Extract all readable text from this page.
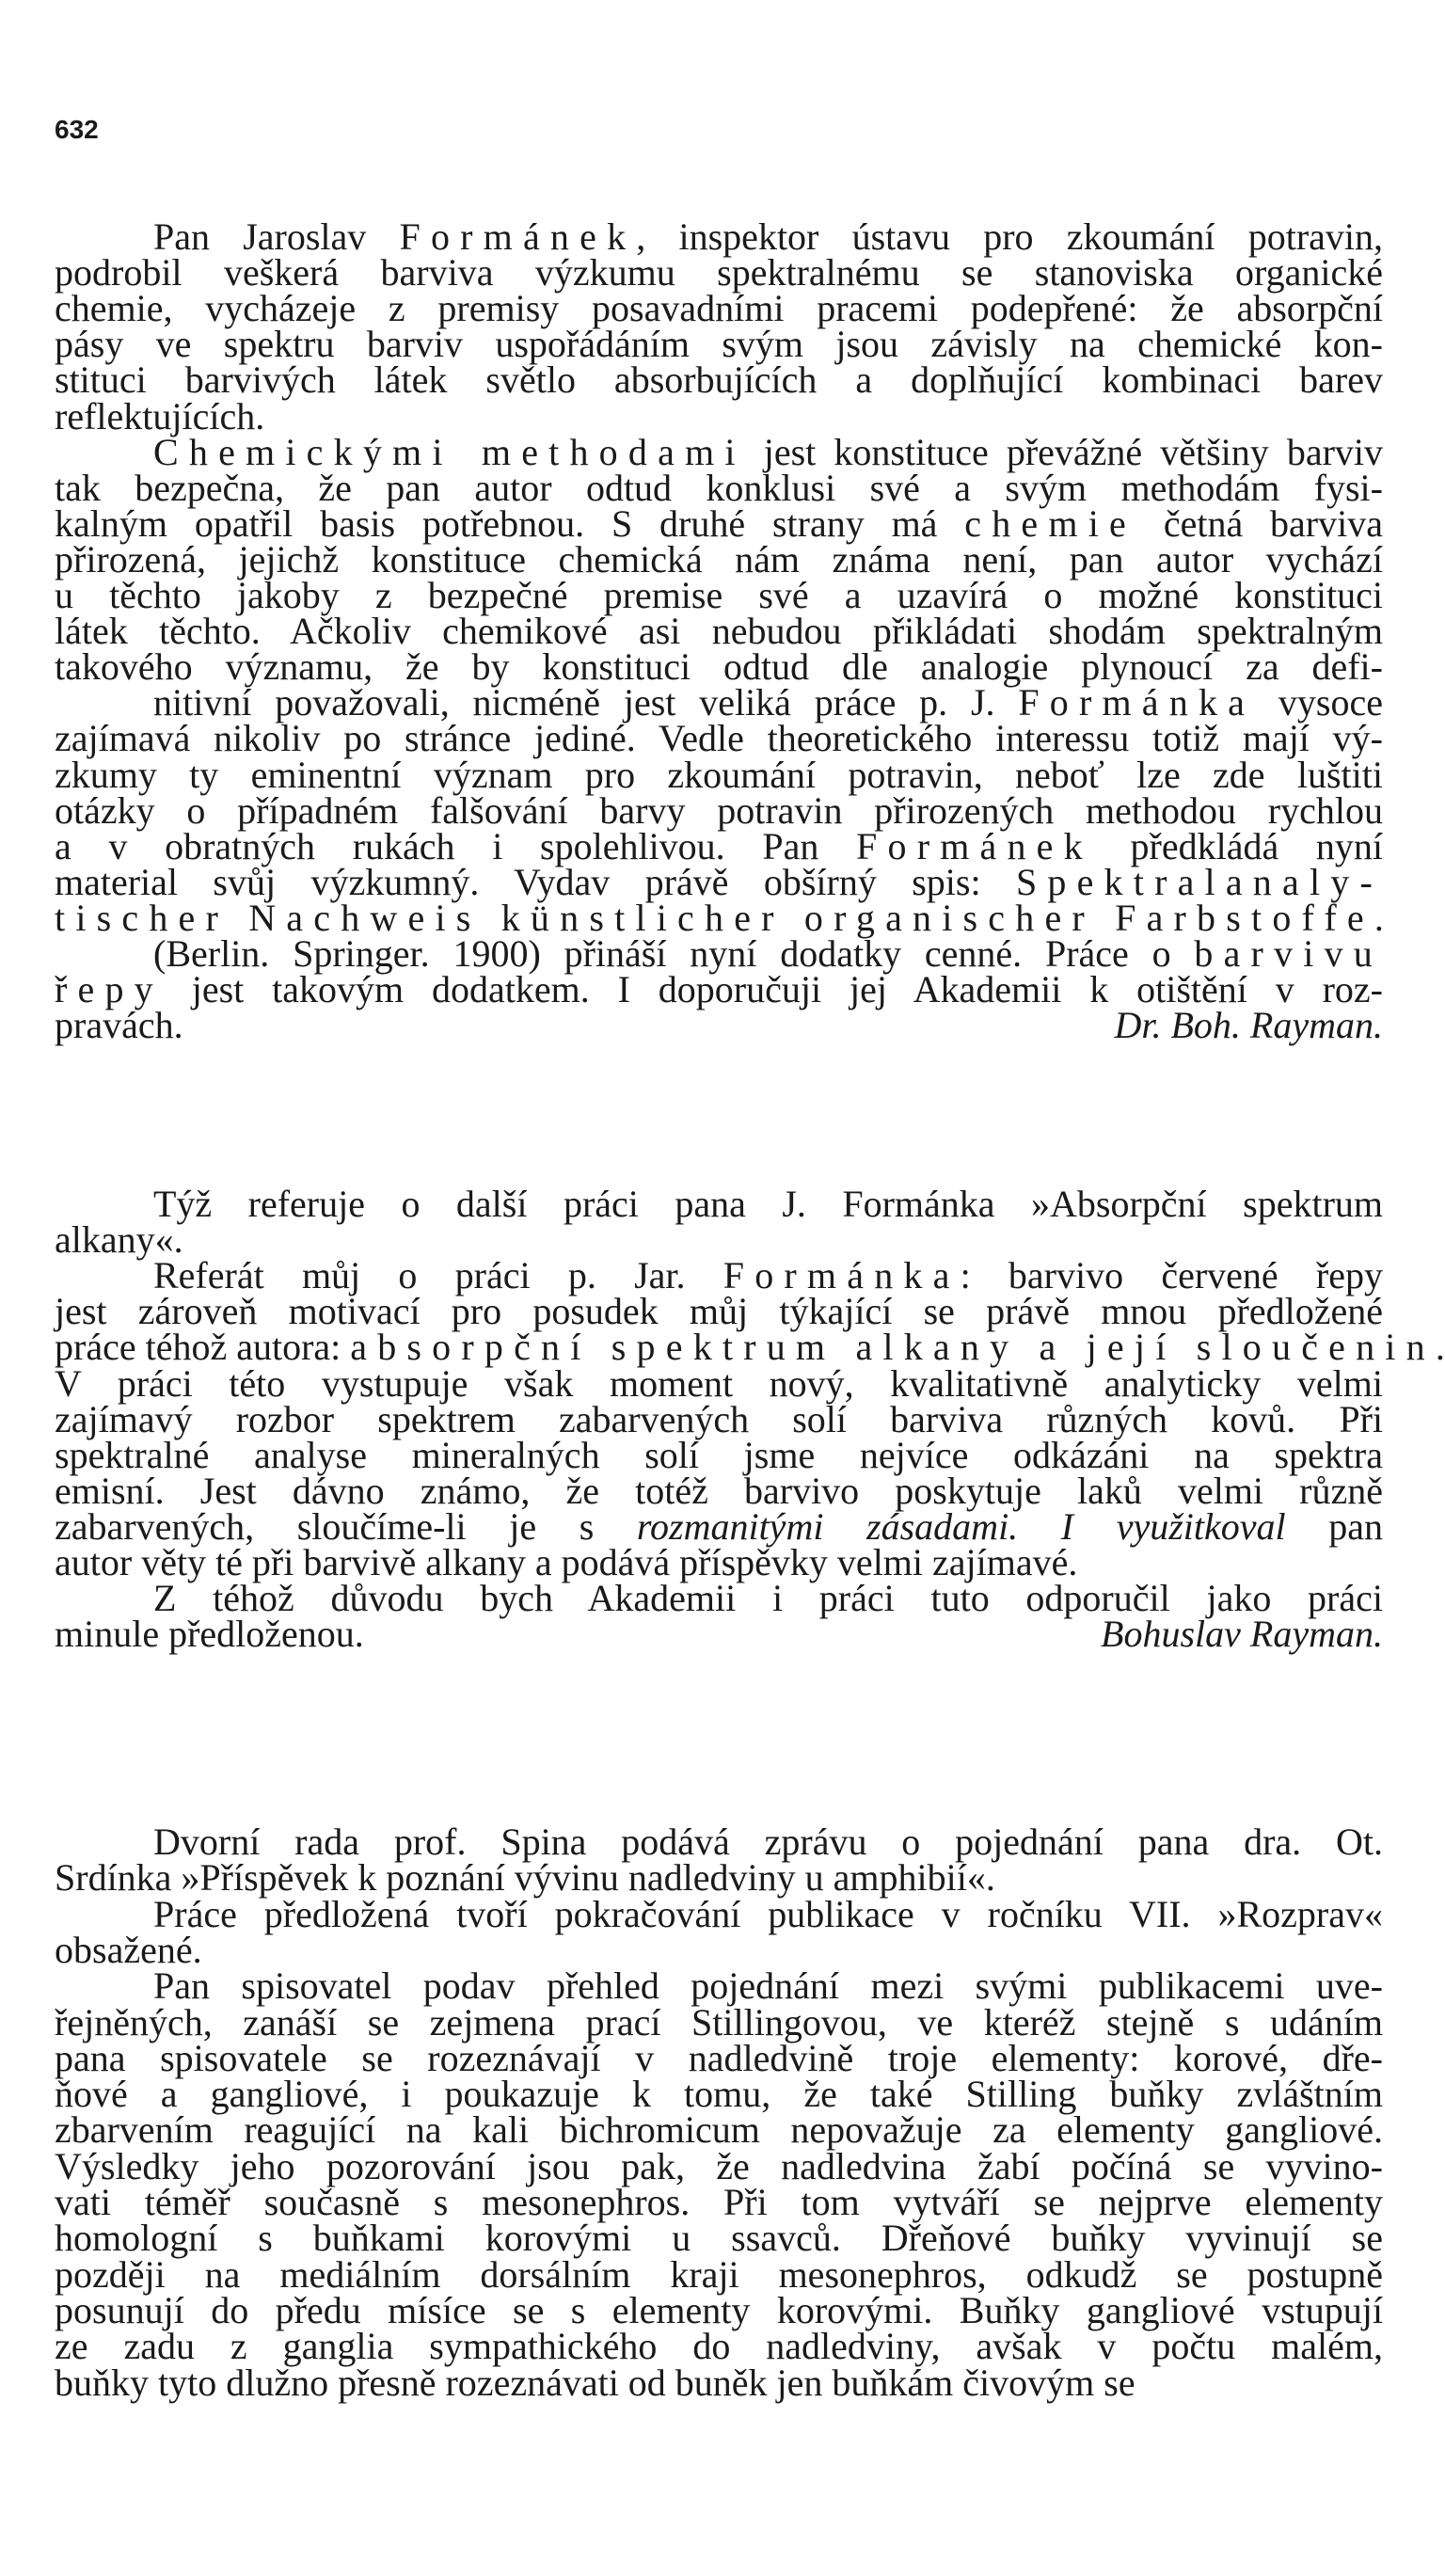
632
Pan Jaroslav Formánek, inspektor ústavu pro zkoumání potravin,
podrobil veškerá barviva výzkumu spektralnému se stanoviska organické
chemie, vycházeje z premisy posavadními pracemi podepřené: že absorpční
pásy ve spektru barviv uspořádáním svým jsou závisly na chemické kon-
stituci barvivých látek světlo absorbujících a doplňující kombinaci barev
reflektujících.
Chemickými methodami jest konstituce převážné většiny barviv
tak bezpečna, že pan autor odtud konklusi své a svým methodám fysi-
kalným opatřil basis potřebnou. S druhé strany má chemie četná barviva
přirozená, jejichž konstituce chemická nám známa není, pan autor vychází
u těchto jakoby z bezpečné premise své a uzavírá o možné konstituci
látek těchto. Ačkoliv chemikové asi nebudou přikládati shodám spektralným
takového významu, že by konstituci odtud dle analogie plynoucí za defi-
nitivní považovali, nicméně jest veliká práce p. J. Formánka vysoce
zajímavá nikoliv po stránce jediné. Vedle theoretického interessu totiž mají vý-
zkumy ty eminentní význam pro zkoumání potravin, neboť lze zde luštiti
otázky o případném falšování barvy potravin přirozených methodou rychlou
a v obratných rukách i spolehlivou. Pan Formánek předkládá nyní
material svůj výzkumný. Vydav právě obšírný spis: Spektralanaly-
tischer Nachweis künstlicher organischer Farbstoffe.
(Berlin. Springer. 1900) přináší nyní dodatky cenné. Práce o barvivu
řepy jest takovým dodatkem. I doporučuji jej Akademii k otištění v roz-
pravách.	Dr. Boh. Rayman.
Týž referuje o další práci pana J. Formánka »Absorpční spektrum
alkany«.
Referát můj o práci p. Jar. Formánka: barvivo červené řepy
jest zároveň motivací pro posudek můj týkající se právě mnou předložené
práce téhož autora: absorpční spektrum alkany a její sloučenin.
V práci této vystupuje však moment nový, kvalitativně analyticky velmi
zajímavý rozbor spektrem zabarvených solí barviva různých kovů. Při
spektralné analyse mineralných solí jsme nejvíce odkázáni na spektra
emisní. Jest dávno známo, že totéž barvivo poskytuje laků velmi různě
zabarvených, sloučíme-li je s rozmanitými zásadami. I využitkoval pan
autor věty té při barvivě alkany a podává příspěvky velmi zajímavé.
Z téhož důvodu bych Akademii i práci tuto odporučil jako práci
minule předloženou.	Bohuslav Rayman.
Dvorní rada prof. Spina podává zprávu o pojednání pana dra. Ot.
Srdínka »Příspěvek k poznání vývinu nadledviny u amphibií«.
Práce předložená tvoří pokračování publikace v ročníku VII. »Rozprav«
obsažené.
Pan spisovatel podav přehled pojednání mezi svými publikacemi uve-
řejněných, zanáší se zejmena prací Stillingovou, ve kteréž stejně s udáním
pana spisovatele se rozeznávají v nadledvině troje elementy: korové, dře-
ňové a gangliové, i poukazuje k tomu, že také Stilling buňky zvláštním
zbarvením reagující na kali bichromicum nepovažuje za elementy gangliové.
Výsledky jeho pozorování jsou pak, že nadledvina žabí počíná se vyvino-
vati téměř současně s mesonephros. Při tom vytváří se nejprve elementy
homologní s buňkami korovými u ssavců. Dřeňové buňky vyvinují se
později na mediálním dorsálním kraji mesonephros, odkudž se postupně
posunují do předu mísíce se s elementy korovými. Buňky gangliové vstupují
ze zadu z ganglia sympathického do nadledviny, avšak v počtu malém,
buňky tyto dlužno přesně rozeznávati od buněk jen buňkám čivovým se
